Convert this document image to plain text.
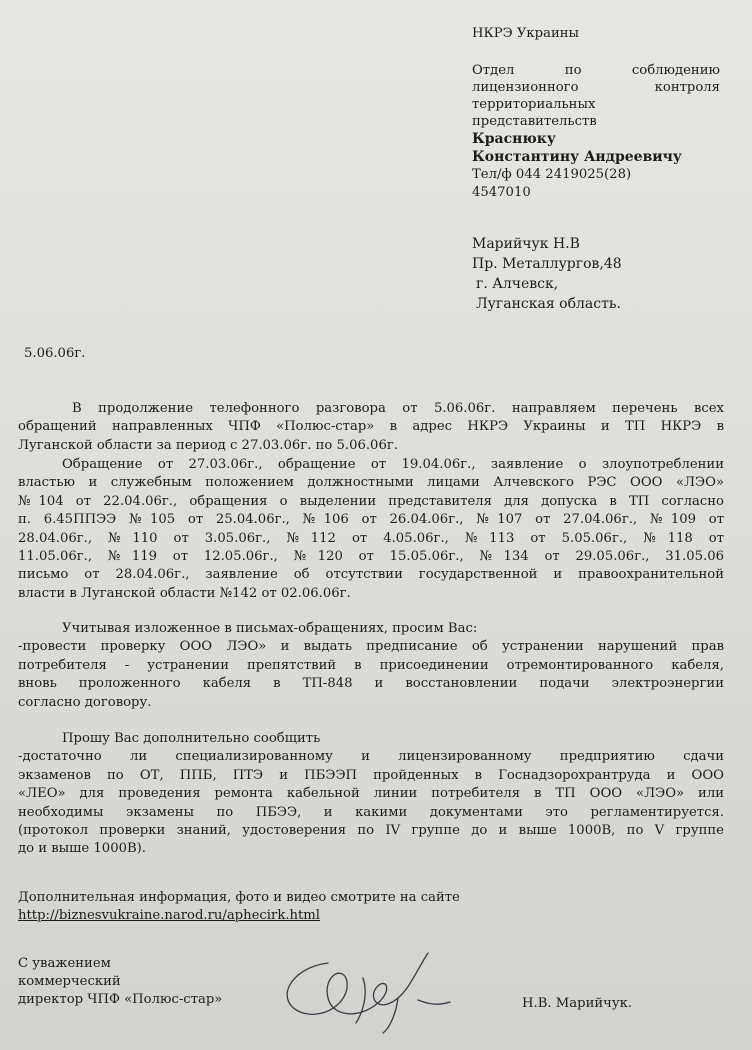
НКРЭ Украины
Отдел по соблюдению
лицензионного контроля
территориальных
представительств
Краснюку
Константину Андреевичу
Тел/ф 044 2419025(28)
4547010
Марийчук Н.В
Пр. Металлургов,48
г. Алчевск,
Луганская область.
5.06.06г.
В продолжение телефонного разговора от 5.06.06г. направляем перечень всех
обращений направленных ЧПФ «Полюс-стар» в адрес НКРЭ Украины и ТП НКРЭ в
Луганской области за период с 27.03.06г. по 5.06.06г.
Обращение от 27.03.06г., обращение от 19.04.06г., заявление о злоупотреблении
властью и служебным положением должностными лицами Алчевского РЭС ООО «ЛЭО»
№104 от 22.04.06г., обращения о выделении представителя для допуска в ТП согласно
п. 6.45ППЭЭ №105 от 25.04.06г., №106 от 26.04.06г., №107 от 27.04.06г., №109 от
28.04.06г., №110 от 3.05.06г., №112 от 4.05.06г., №113 от 5.05.06г., №118 от
11.05.06г., №119 от 12.05.06г., №120 от 15.05.06г., №134 от 29.05.06г., 31.05.06
письмо от 28.04.06г., заявление об отсутствии государственной и правоохранительной
власти в Луганской области №142 от 02.06.06г.
Учитывая изложенное в письмах-обращениях, просим Вас:
-провести проверку ООО ЛЭО» и выдать предписание об устранении нарушений прав
потребителя - устранении препятствий в присоединении отремонтированного кабеля,
вновь проложенного кабеля в ТП-848 и восстановлении подачи электроэнергии
согласно договору.
Прошу Вас дополнительно сообщить
-достаточно ли специализированному и лицензированному предприятию сдачи
экзаменов по ОТ, ППБ, ПТЭ и ПБЭЭП пройденных в Госнадзорохрантруда и ООО
«ЛЕО» для проведения ремонта кабельной линии потребителя в ТП ООО «ЛЭО» или
необходимы экзамены по ПБЭЭ, и какими документами это регламентируется.
(протокол проверки знаний, удостоверения по IV группе до и выше 1000В, по V группе
до и выше 1000В).
Дополнительная информация, фото и видео смотрите на сайте
http://biznesvukraine.narod.ru/aphecirk.html
С уважением
коммерческий
директор ЧПФ «Полюс-стар»	Н.В. Марийчук.
